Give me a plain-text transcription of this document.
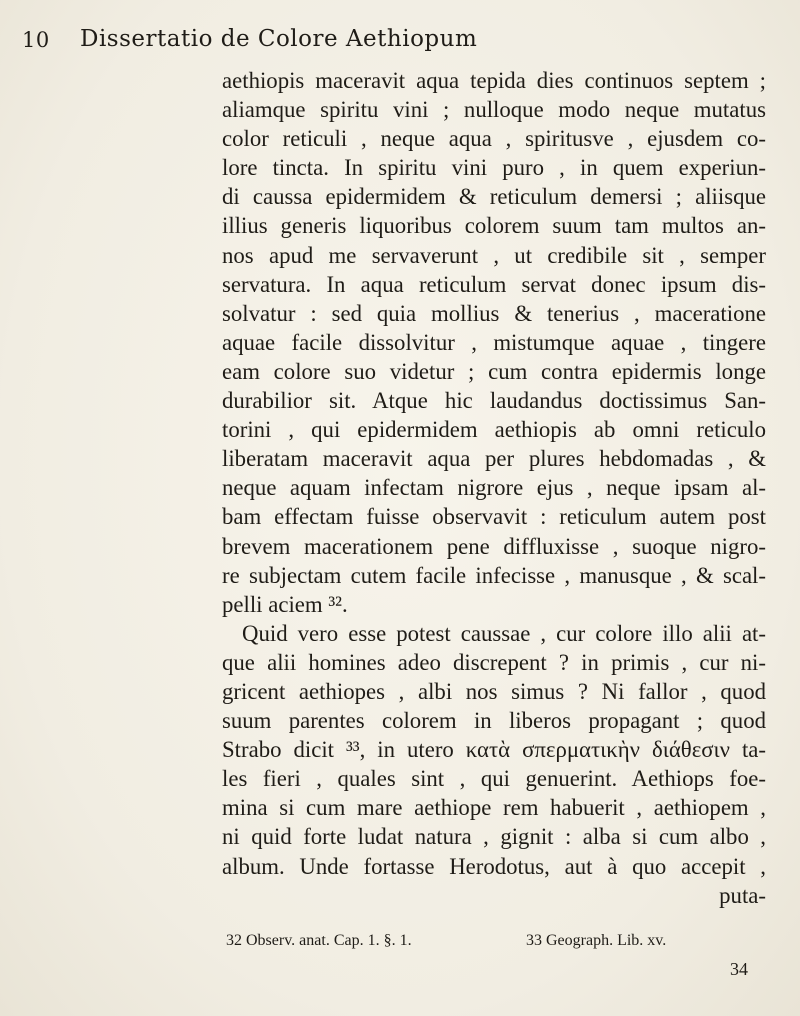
10 Dissertatio de Colore Aethiopum
aethiopis maceravit aqua tepida dies continuos septem ;
aliamque spiritu vini ; nulloque modo neque mutatus
color reticuli , neque aqua , spiritusve , ejusdem co-
lore tincta. In spiritu vini puro , in quem experiun-
di caussa epidermidem & reticulum demersi ; aliisque
illius generis liquoribus colorem suum tam multos an-
nos apud me servaverunt , ut credibile sit , semper
servatura. In aqua reticulum servat donec ipsum dis-
solvatur : sed quia mollius & tenerius , maceratione
aquae facile dissolvitur , mistumque aquae , tingere
eam colore suo videtur ; cum contra epidermis longe
durabilior sit. Atque hic laudandus doctissimus San-
torini , qui epidermidem aethiopis ab omni reticulo
liberatam maceravit aqua per plures hebdomadas , &
neque aquam infectam nigrore ejus , neque ipsam al-
bam effectam fuisse observavit : reticulum autem post
brevem macerationem pene diffluxisse , suoque nigro-
re subjectam cutem facile infecisse , manusque , & scal-
pelli aciem ³².
Quid vero esse potest caussae , cur colore illo alii at-
que alii homines adeo discrepent ? in primis , cur ni-
gricent aethiopes , albi nos simus ? Ni fallor , quod
suum parentes colorem in liberos propagant ; quod
Strabo dicit ³³, in utero κατὰ σπερματικὴν διάθεσιν ta-
les fieri , quales sint , qui genuerint. Aethiops foe-
mina si cum mare aethiope rem habuerit , aethiopem ,
ni quid forte ludat natura , gignit : alba si cum albo ,
album. Unde fortasse Herodotus, aut à quo accepit ,
puta-
32 Observ. anat. Cap. 1. §. 1.	33 Geograph. Lib. xv.
34
